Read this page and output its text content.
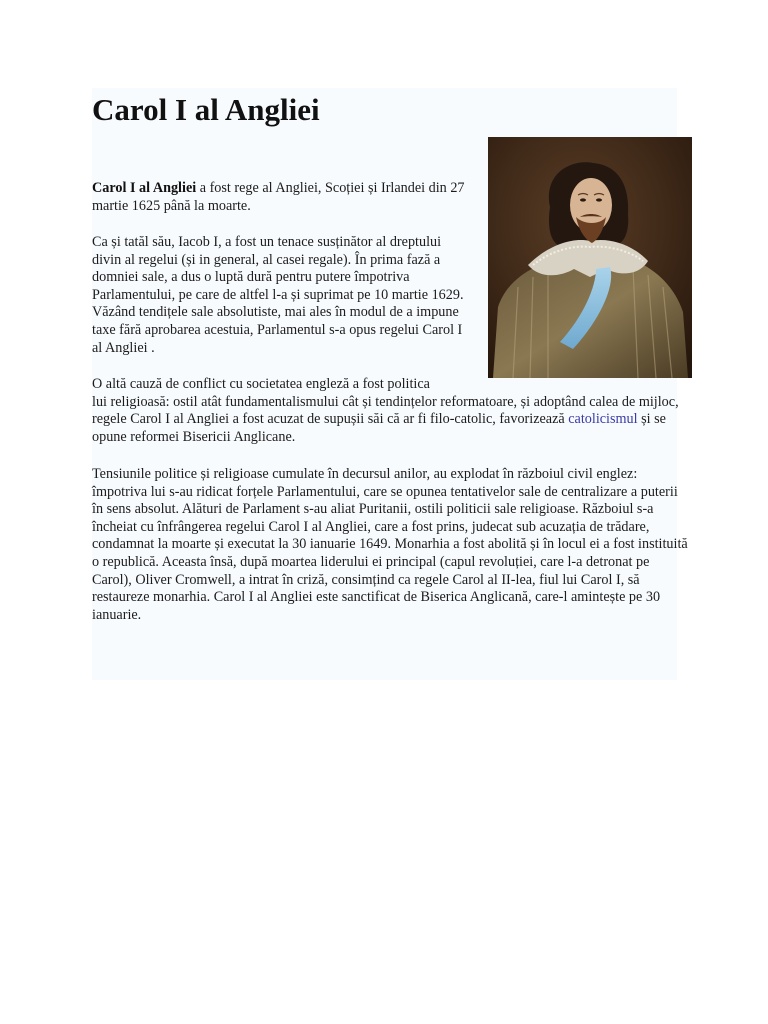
Carol I al Angliei

Carol I al Angliei a fost rege al Angliei, Scoției și Irlandei din 27 martie 1625 până la moarte.

Ca și tatăl său, Iacob I, a fost un tenace susținător al dreptului divin al regelui (și in general, al casei regale). În prima fază a domniei sale, a dus o luptă dură pentru putere împotriva Parlamentului, pe care de altfel l-a și suprimat pe 10 martie 1629. Văzând tendițele sale absolutiste, mai ales în modul de a impune taxe fără aprobarea acestuia, Parlamentul s-a opus regelui Carol I al Angliei .

O altă cauză de conflict cu societatea engleză a fost politica
lui religioasă: ostil atât fundamentalismului cât și tendințelor reformatoare, și adoptând calea de mijloc, regele Carol I al Angliei a fost acuzat de supușii săi că ar fi filo-catolic, favorizează catolicismul și se opune reformei Bisericii Anglicane.

Tensiunile politice și religioase cumulate în decursul anilor, au explodat în războiul civil englez: împotriva lui s-au ridicat forțele Parlamentului, care se opunea tentativelor sale de centralizare a puterii în sens absolut. Alături de Parlament s-au aliat Puritanii, ostili politicii sale religioase. Războiul s-a încheiat cu înfrângerea regelui Carol I al Angliei, care a fost prins, judecat sub acuzația de trădare, condamnat la moarte și executat la 30 ianuarie 1649. Monarhia a fost abolită și în locul ei a fost instituită o republică. Aceasta însă, după moartea liderului ei principal (capul revoluției, care l-a detronat pe Carol), Oliver Cromwell, a intrat în criză, consimțind ca regele Carol al II-lea, fiul lui Carol I, să restaureze monarhia. Carol I al Angliei este sanctificat de Biserica Anglicană, care-l amintește pe 30 ianuarie.
